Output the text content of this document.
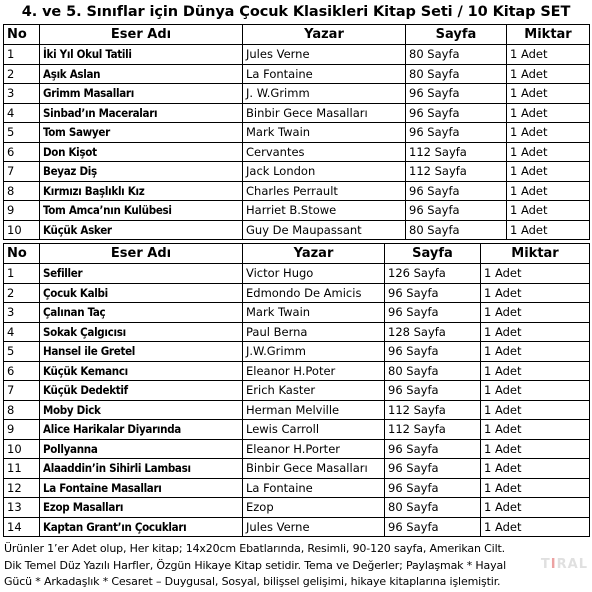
4. ve 5. Sınıflar için Dünya Çocuk Klasikleri Kitap Seti / 10 Kitap SET
No	Eser Adı	Yazar	Sayfa	Miktar
1	İki Yıl Okul Tatili	Jules Verne	80 Sayfa	1 Adet
2	Aşık Aslan	La Fontaine	80 Sayfa	1 Adet
3	Grimm Masalları	J. W.Grimm	96 Sayfa	1 Adet
4	Sinbad’ın Maceraları	Binbir Gece Masalları	96 Sayfa	1 Adet
5	Tom Sawyer	Mark Twain	96 Sayfa	1 Adet
6	Don Kişot	Cervantes	112 Sayfa	1 Adet
7	Beyaz Diş	Jack London	112 Sayfa	1 Adet
8	Kırmızı Başlıklı Kız	Charles Perrault	96 Sayfa	1 Adet
9	Tom Amca’nın Kulübesi	Harriet B.Stowe	96 Sayfa	1 Adet
10	Küçük Asker	Guy De Maupassant	80 Sayfa	1 Adet
No	Eser Adı	Yazar	Sayfa	Miktar
1	Sefiller	Victor Hugo	126 Sayfa	1 Adet
2	Çocuk Kalbi	Edmondo De Amicis	96 Sayfa	1 Adet
3	Çalınan Taç	Mark Twain	96 Sayfa	1 Adet
4	Sokak Çalgıcısı	Paul Berna	128 Sayfa	1 Adet
5	Hansel ile Gretel	J.W.Grimm	96 Sayfa	1 Adet
6	Küçük Kemancı	Eleanor H.Poter	80 Sayfa	1 Adet
7	Küçük Dedektif	Erich Kaster	96 Sayfa	1 Adet
8	Moby Dick	Herman Melville	112 Sayfa	1 Adet
9	Alice Harikalar Diyarında	Lewis Carroll	112 Sayfa	1 Adet
10	Pollyanna	Eleanor H.Porter	96 Sayfa	1 Adet
11	Alaaddin’in Sihirli Lambası	Binbir Gece Masalları	96 Sayfa	1 Adet
12	La Fontaine Masalları	La Fontaine	96 Sayfa	1 Adet
13	Ezop Masalları	Ezop	80 Sayfa	1 Adet
14	Kaptan Grant’ın Çocukları	Jules Verne	96 Sayfa	1 Adet
Ürünler 1’er Adet olup, Her kitap; 14x20cm Ebatlarında, Resimli, 90-120 sayfa, Amerikan Cilt.
Dik Temel Düz Yazılı Harfler, Özgün Hikaye Kitap setidir. Tema ve Değerler; Paylaşmak * Hayal
Gücü * Arkadaşlık * Cesaret – Duygusal, Sosyal, bilişsel gelişimi, hikaye kitaplarına işlemiştir.
TIRAL
